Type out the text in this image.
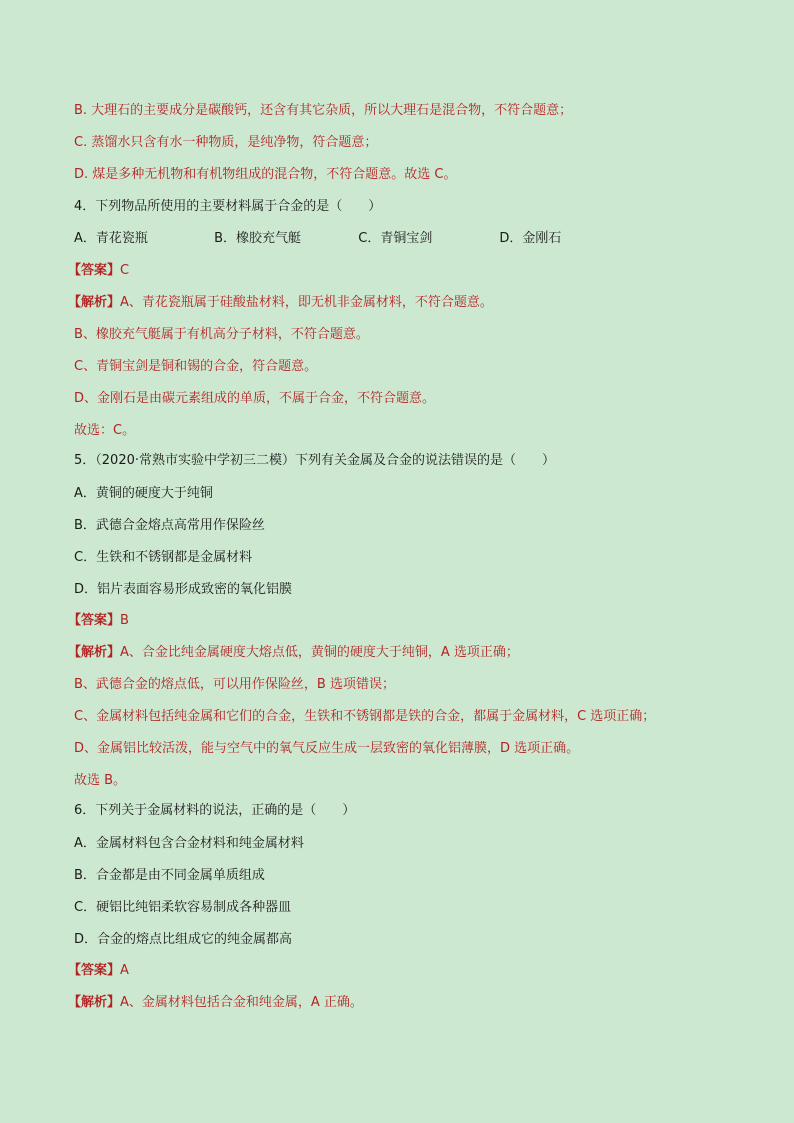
B. 大理石的主要成分是碳酸钙，还含有其它杂质，所以大理石是混合物，不符合题意；
C. 蒸馏水只含有水一种物质，是纯净物，符合题意；
D. 煤是多种无机物和有机物组成的混合物，不符合题意。故选 C。
4．下列物品所使用的主要材料属于合金的是（　　）
A．青花瓷瓶	B．橡胶充气艇	C．青铜宝剑	D．金刚石
【答案】C
【解析】A、青花瓷瓶属于硅酸盐材料，即无机非金属材料，不符合题意。
B、橡胶充气艇属于有机高分子材料，不符合题意。
C、青铜宝剑是铜和锡的合金，符合题意。
D、金刚石是由碳元素组成的单质，不属于合金，不符合题意。
故选：C。
5．（2020·常熟市实验中学初三二模）下列有关金属及合金的说法错误的是（　　）
A．黄铜的硬度大于纯铜
B．武德合金熔点高常用作保险丝
C．生铁和不锈钢都是金属材料
D．铝片表面容易形成致密的氧化铝膜
【答案】B
【解析】A、合金比纯金属硬度大熔点低，黄铜的硬度大于纯铜，A 选项正确；
B、武德合金的熔点低，可以用作保险丝，B 选项错误；
C、金属材料包括纯金属和它们的合金，生铁和不锈钢都是铁的合金，都属于金属材料，C 选项正确；
D、金属铝比较活泼，能与空气中的氧气反应生成一层致密的氧化铝薄膜，D 选项正确。
故选 B。
6．下列关于金属材料的说法，正确的是（　　）
A．金属材料包含合金材料和纯金属材料
B．合金都是由不同金属单质组成
C．硬铝比纯铝柔软容易制成各种器皿
D．合金的熔点比组成它的纯金属都高
【答案】A
【解析】A、金属材料包括合金和纯金属，A 正确。
